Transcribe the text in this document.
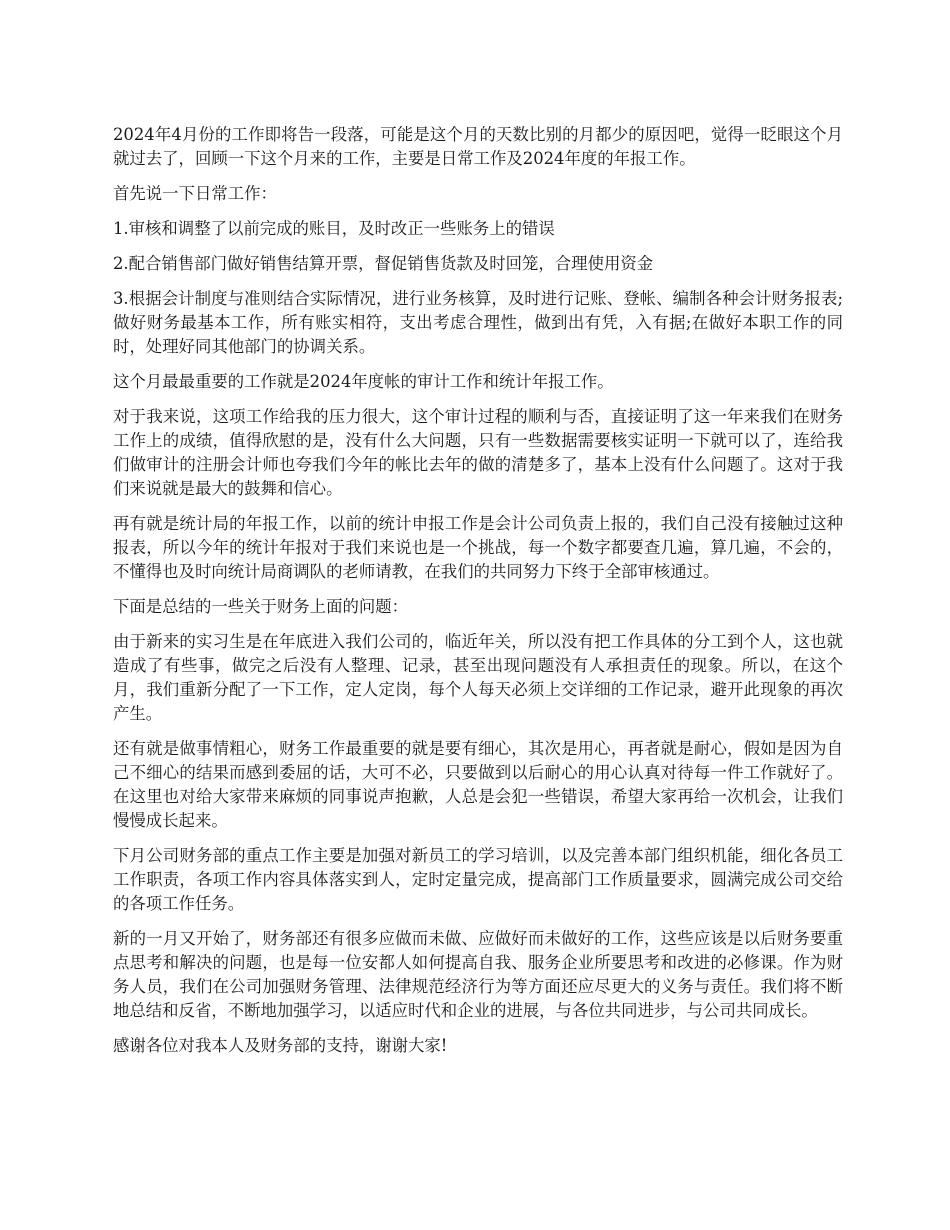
2024年4月份的工作即将告一段落，可能是这个月的天数比别的月都少的原因吧，觉得一眨眼这个月就过去了，回顾一下这个月来的工作，主要是日常工作及2024年度的年报工作。

首先说一下日常工作：

1.审核和调整了以前完成的账目，及时改正一些账务上的错误

2.配合销售部门做好销售结算开票，督促销售货款及时回笼，合理使用资金

3.根据会计制度与准则结合实际情况，进行业务核算，及时进行记账、登帐、编制各种会计财务报表;做好财务最基本工作，所有账实相符，支出考虑合理性，做到出有凭，入有据;在做好本职工作的同时，处理好同其他部门的协调关系。

这个月最最重要的工作就是2024年度帐的审计工作和统计年报工作。

对于我来说，这项工作给我的压力很大，这个审计过程的顺利与否，直接证明了这一年来我们在财务工作上的成绩，值得欣慰的是，没有什么大问题，只有一些数据需要核实证明一下就可以了，连给我们做审计的注册会计师也夸我们今年的帐比去年的做的清楚多了，基本上没有什么问题了。这对于我们来说就是最大的鼓舞和信心。

再有就是统计局的年报工作，以前的统计申报工作是会计公司负责上报的，我们自己没有接触过这种报表，所以今年的统计年报对于我们来说也是一个挑战，每一个数字都要查几遍，算几遍，不会的，不懂得也及时向统计局商调队的老师请教，在我们的共同努力下终于全部审核通过。

下面是总结的一些关于财务上面的问题：

由于新来的实习生是在年底进入我们公司的，临近年关，所以没有把工作具体的分工到个人，这也就造成了有些事，做完之后没有人整理、记录，甚至出现问题没有人承担责任的现象。所以，在这个月，我们重新分配了一下工作，定人定岗，每个人每天必须上交详细的工作记录，避开此现象的再次产生。

还有就是做事情粗心，财务工作最重要的就是要有细心，其次是用心，再者就是耐心，假如是因为自己不细心的结果而感到委屈的话，大可不必，只要做到以后耐心的用心认真对待每一件工作就好了。在这里也对给大家带来麻烦的同事说声抱歉，人总是会犯一些错误，希望大家再给一次机会，让我们慢慢成长起来。

下月公司财务部的重点工作主要是加强对新员工的学习培训，以及完善本部门组织机能，细化各员工工作职责，各项工作内容具体落实到人，定时定量完成，提高部门工作质量要求，圆满完成公司交给的各项工作任务。

新的一月又开始了，财务部还有很多应做而未做、应做好而未做好的工作，这些应该是以后财务要重点思考和解决的问题，也是每一位安都人如何提高自我、服务企业所要思考和改进的必修课。作为财务人员，我们在公司加强财务管理、法律规范经济行为等方面还应尽更大的义务与责任。我们将不断地总结和反省，不断地加强学习，以适应时代和企业的进展，与各位共同进步，与公司共同成长。

感谢各位对我本人及财务部的支持，谢谢大家!
